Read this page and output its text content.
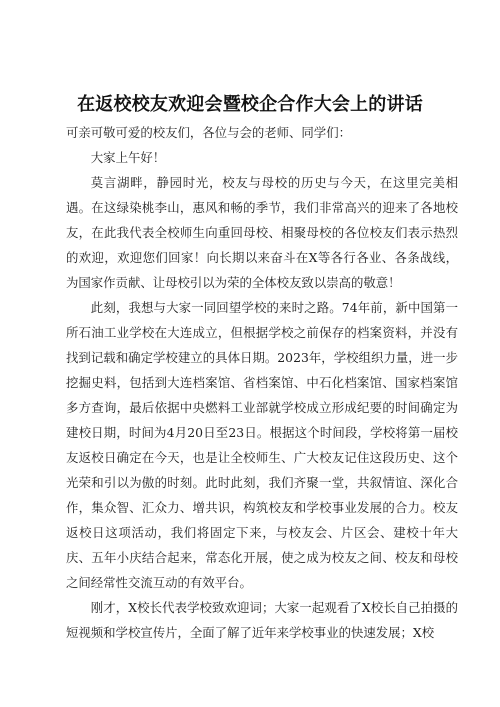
在返校校友欢迎会暨校企合作大会上的讲话

可亲可敬可爱的校友们，各位与会的老师、同学们：

大家上午好！

莫言湖畔，静园时光，校友与母校的历史与今天，在这里完美相遇。在这绿染桃李山，惠风和畅的季节，我们非常高兴的迎来了各地校友，在此我代表全校师生向重回母校、相聚母校的各位校友们表示热烈的欢迎，欢迎您们回家！向长期以来奋斗在X等各行各业、各条战线，为国家作贡献、让母校引以为荣的全体校友致以崇高的敬意！

此刻，我想与大家一同回望学校的来时之路。74年前，新中国第一所石油工业学校在大连成立，但根据学校之前保存的档案资料，并没有找到记载和确定学校建立的具体日期。2023年，学校组织力量，进一步挖掘史料，包括到大连档案馆、省档案馆、中石化档案馆、国家档案馆多方查询，最后依据中央燃料工业部就学校成立形成纪要的时间确定为建校日期，时间为4月20日至23日。根据这个时间段，学校将第一届校友返校日确定在今天，也是让全校师生、广大校友记住这段历史、这个光荣和引以为傲的时刻。此时此刻，我们齐聚一堂，共叙情谊、深化合作，集众智、汇众力、增共识，构筑校友和学校事业发展的合力。校友返校日这项活动，我们将固定下来，与校友会、片区会、建校十年大庆、五年小庆结合起来，常态化开展，使之成为校友之间、校友和母校之间经常性交流互动的有效平台。

刚才，X校长代表学校致欢迎词；大家一起观看了X校长自己拍摄的短视频和学校宣传片，全面了解了近年来学校事业的快速发展；X校
